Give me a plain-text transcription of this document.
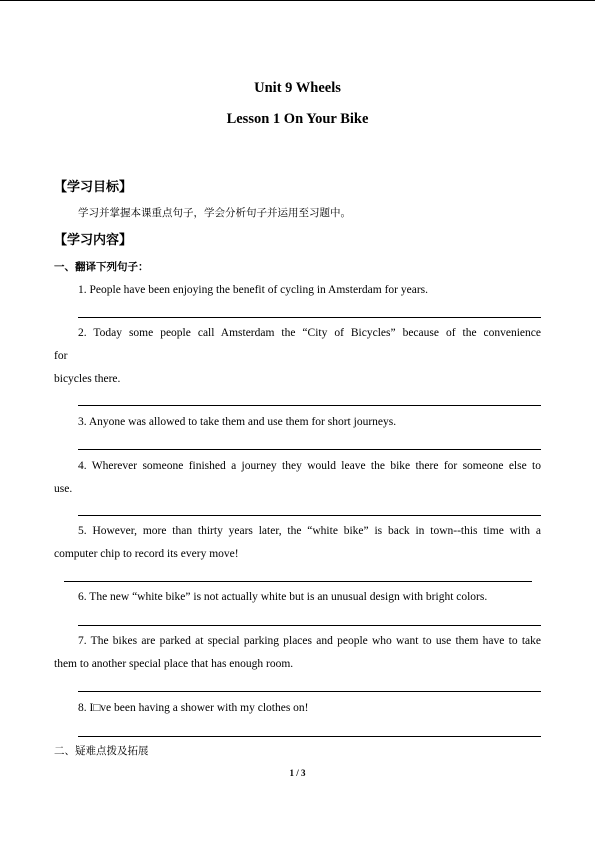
Unit 9 Wheels
Lesson 1 On Your Bike
【学习目标】
学习并掌握本课重点句子，学会分析句子并运用至习题中。
【学习内容】
一、翻译下列句子：
1. People have been enjoying the benefit of cycling in Amsterdam for years.
2. Today some people call Amsterdam the “City of Bicycles” because of the convenience
for
bicycles there.
3. Anyone was allowed to take them and use them for short journeys.
4. Wherever someone finished a journey they would leave the bike there for someone else to
use.
5. However, more than thirty years later, the “white bike” is back in town--this time with a
computer chip to record its every move!
6. The new “white bike” is not actually white but is an unusual design with bright colors.
7. The bikes are parked at special parking places and people who want to use them have to take
them to another special place that has enough room.
8. I□ve been having a shower with my clothes on!
二、疑难点拨及拓展
1 / 3
